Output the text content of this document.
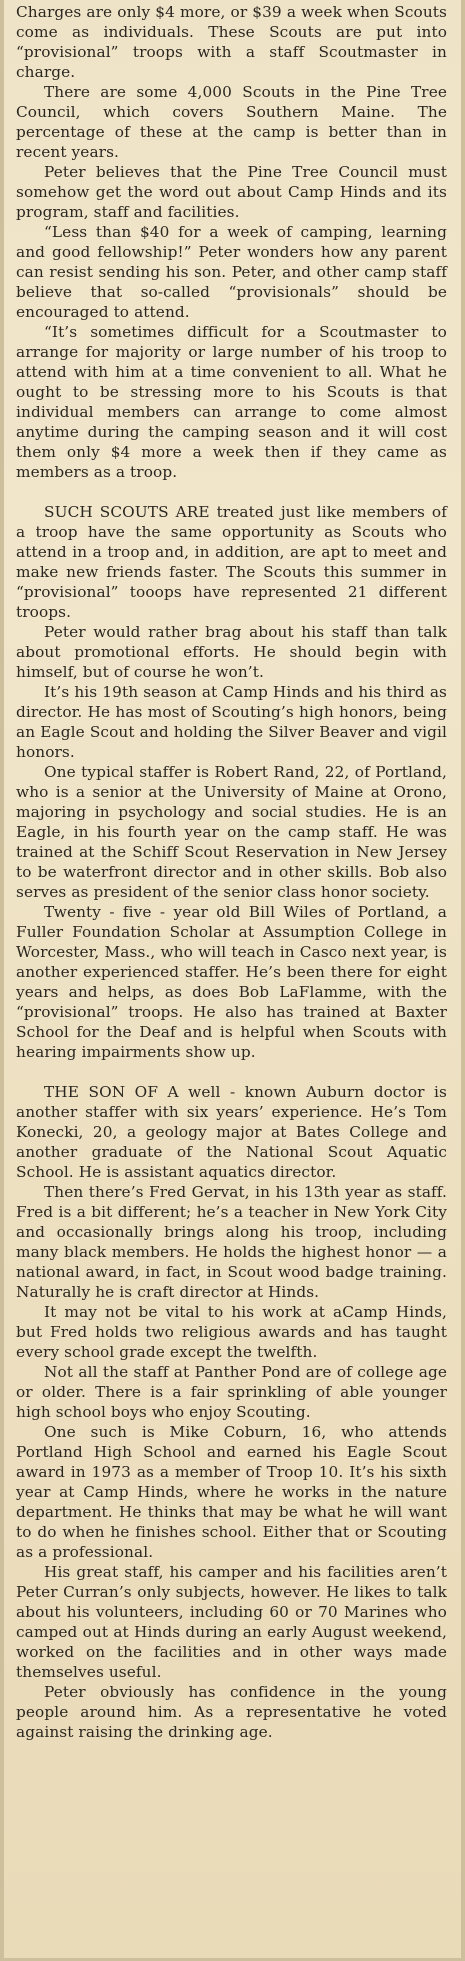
Charges are only $4 more, or $39 a week when Scouts come as individuals. These Scouts are put into “provisional” troops with a staff Scoutmaster in charge.

There are some 4,000 Scouts in the Pine Tree Council, which covers Southern Maine. The percentage of these at the camp is better than in recent years.

Peter believes that the Pine Tree Council must somehow get the word out about Camp Hinds and its program, staff and facilities.

“Less than $40 for a week of camping, learning and good fellowship!” Peter wonders how any parent can resist sending his son. Peter, and other camp staff believe that so-called “provisionals” should be encouraged to attend.

“It’s sometimes difficult for a Scoutmaster to arrange for majority or large number of his troop to attend with him at a time convenient to all. What he ought to be stressing more to his Scouts is that individual members can arrange to come almost anytime during the camping season and it will cost them only $4 more a week then if they came as members as a troop.

SUCH SCOUTS ARE treated just like members of a troop have the same opportunity as Scouts who attend in a troop and, in addition, are apt to meet and make new friends faster. The Scouts this summer in “provisional” tooops have represented 21 different troops.

Peter would rather brag about his staff than talk about promotional efforts. He should begin with himself, but of course he won’t.

It’s his 19th season at Camp Hinds and his third as director. He has most of Scouting’s high honors, being an Eagle Scout and holding the Silver Beaver and vigil honors.

One typical staffer is Robert Rand, 22, of Portland, who is a senior at the University of Maine at Orono, majoring in psychology and social studies. He is an Eagle, in his fourth year on the camp staff. He was trained at the Schiff Scout Reservation in New Jersey to be waterfront director and in other skills. Bob also serves as president of the senior class honor society.

Twenty - five - year old Bill Wiles of Portland, a Fuller Foundation Scholar at Assumption College in Worcester, Mass., who will teach in Casco next year, is another experienced staffer. He’s been there for eight years and helps, as does Bob LaFlamme, with the “provisional” troops. He also has trained at Baxter School for the Deaf and is helpful when Scouts with hearing impairments show up.

THE SON OF A well - known Auburn doctor is another staffer with six years’ experience. He’s Tom Konecki, 20, a geology major at Bates College and another graduate of the National Scout Aquatic School. He is assistant aquatics director.

Then there’s Fred Gervat, in his 13th year as staff. Fred is a bit different; he’s a teacher in New York City and occasionally brings along his troop, including many black members. He holds the highest honor — a national award, in fact, in Scout wood badge training. Naturally he is craft director at Hinds.

It may not be vital to his work at aCamp Hinds, but Fred holds two religious awards and has taught every school grade except the twelfth.

Not all the staff at Panther Pond are of college age or older. There is a fair sprinkling of able younger high school boys who enjoy Scouting.

One such is Mike Coburn, 16, who attends Portland High School and earned his Eagle Scout award in 1973 as a member of Troop 10. It’s his sixth year at Camp Hinds, where he works in the nature department. He thinks that may be what he will want to do when he finishes school. Either that or Scouting as a professional.

His great staff, his camper and his facilities aren’t Peter Curran’s only subjects, however. He likes to talk about his volunteers, including 60 or 70 Marines who camped out at Hinds during an early August weekend, worked on the facilities and in other ways made themselves useful.

Peter obviously has confidence in the young people around him. As a representative he voted against raising the drinking age.
